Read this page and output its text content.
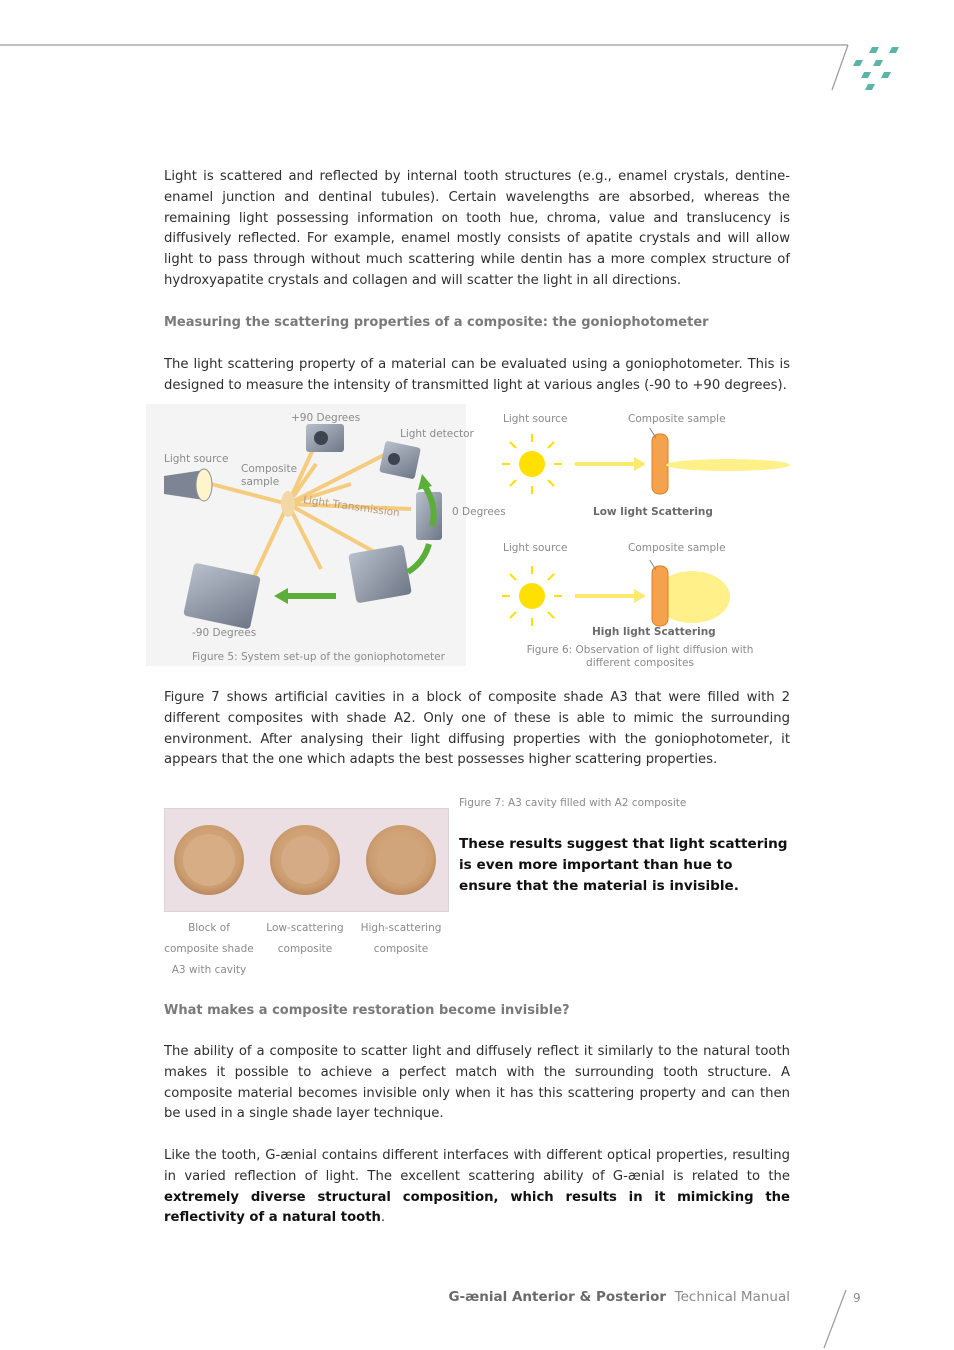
Light is scattered and reflected by internal tooth structures (e.g., enamel crystals, dentine-enamel junction and dentinal tubules). Certain wavelengths are absorbed, whereas the remaining light possessing information on tooth hue, chroma, value and translucency is diffusively reflected. For example, enamel mostly consists of apatite crystals and will allow light to pass through without much scattering while dentin has a more complex structure of hydroxyapatite crystals and collagen and will scatter the light in all directions.
Measuring the scattering properties of a composite: the goniophotometer
The light scattering property of a material can be evaluated using a goniophotometer. This is designed to measure the intensity of transmitted light at various angles (-90 to +90 degrees).
+90 Degrees
Light detector
Light source
Composite sample
Light Transmission	0 Degrees
-90 Degrees
Figure 5: System set-up of the goniophotometer
Light source	Composite sample
Low light Scattering
Light source	Composite sample
High light Scattering
Figure 6: Observation of light diffusion with different composites
Figure 7 shows artificial cavities in a block of composite shade A3 that were filled with 2 different composites with shade A2. Only one of these is able to mimic the surrounding environment. After analysing their light diffusing properties with the goniophotometer, it appears that the one which adapts the best possesses higher scattering properties.
Block of composite shade A3 with cavity
Low-scattering composite
High-scattering composite
Figure 7: A3 cavity filled with A2 composite
These results suggest that light scattering is even more important than hue to ensure that the material is invisible.
What makes a composite restoration become invisible?
The ability of a composite to scatter light and diffusely reflect it similarly to the natural tooth makes it possible to achieve a perfect match with the surrounding tooth structure. A composite material becomes invisible only when it has this scattering property and can then be used in a single shade layer technique.
Like the tooth, G-ænial contains different interfaces with different optical properties, resulting in varied reflection of light. The excellent scattering ability of G-ænial is related to the extremely diverse structural composition, which results in it mimicking the reflectivity of a natural tooth.
G-ænial Anterior & Posterior Technical Manual	9
